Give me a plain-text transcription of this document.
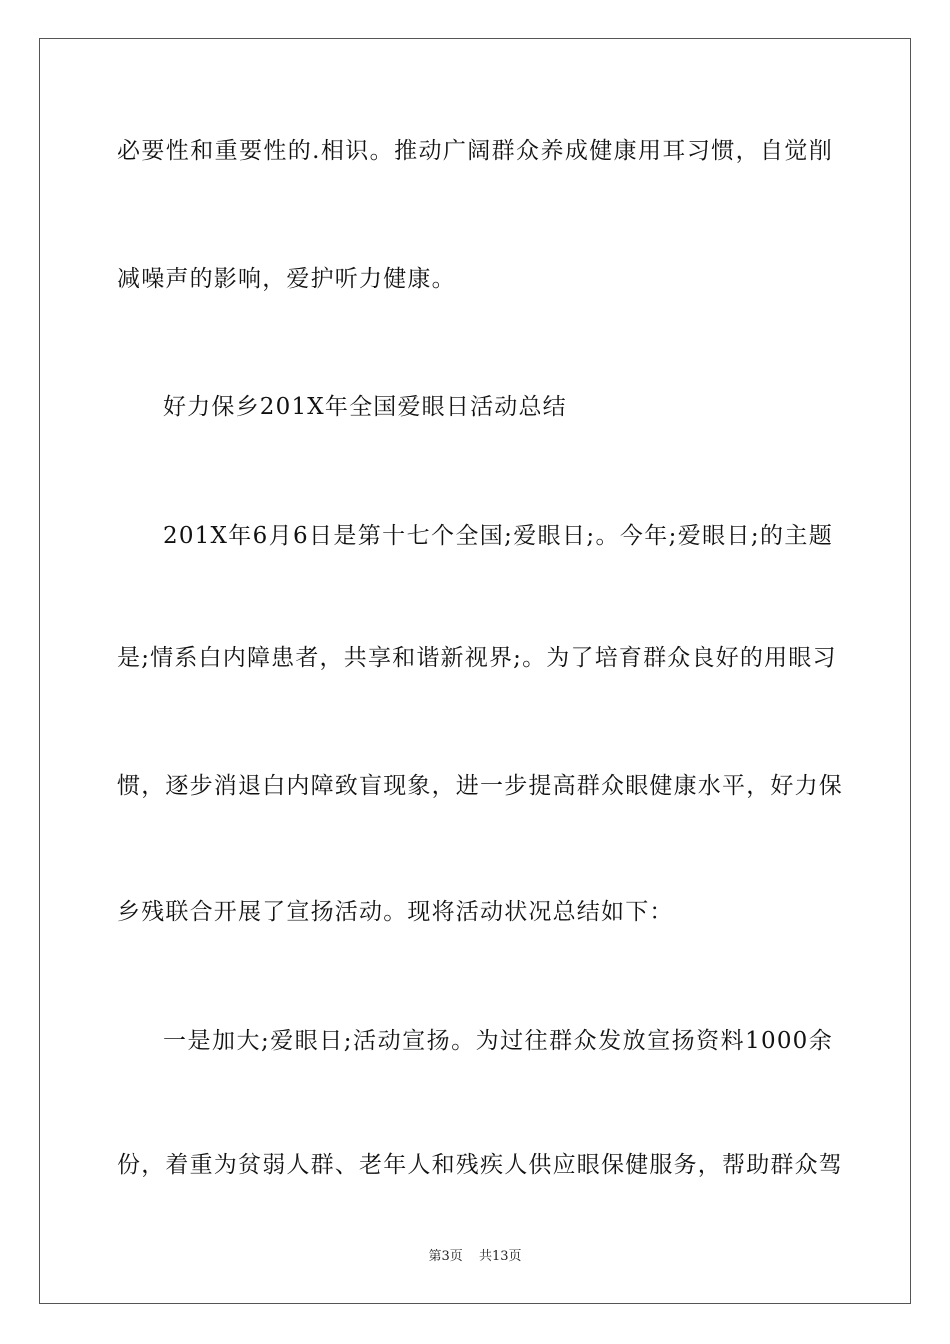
必要性和重要性的.相识。推动广阔群众养成健康用耳习惯，自觉削
减噪声的影响，爱护听力健康。
好力保乡201X年全国爱眼日活动总结
201X年6月6日是第十七个全国;爱眼日;。今年;爱眼日;的主题
是;情系白内障患者，共享和谐新视界;。为了培育群众良好的用眼习
惯，逐步消退白内障致盲现象，进一步提高群众眼健康水平，好力保
乡残联合开展了宣扬活动。现将活动状况总结如下：
一是加大;爱眼日;活动宣扬。为过往群众发放宣扬资料1000余
份，着重为贫弱人群、老年人和残疾人供应眼保健服务，帮助群众驾
第3页 共13页
